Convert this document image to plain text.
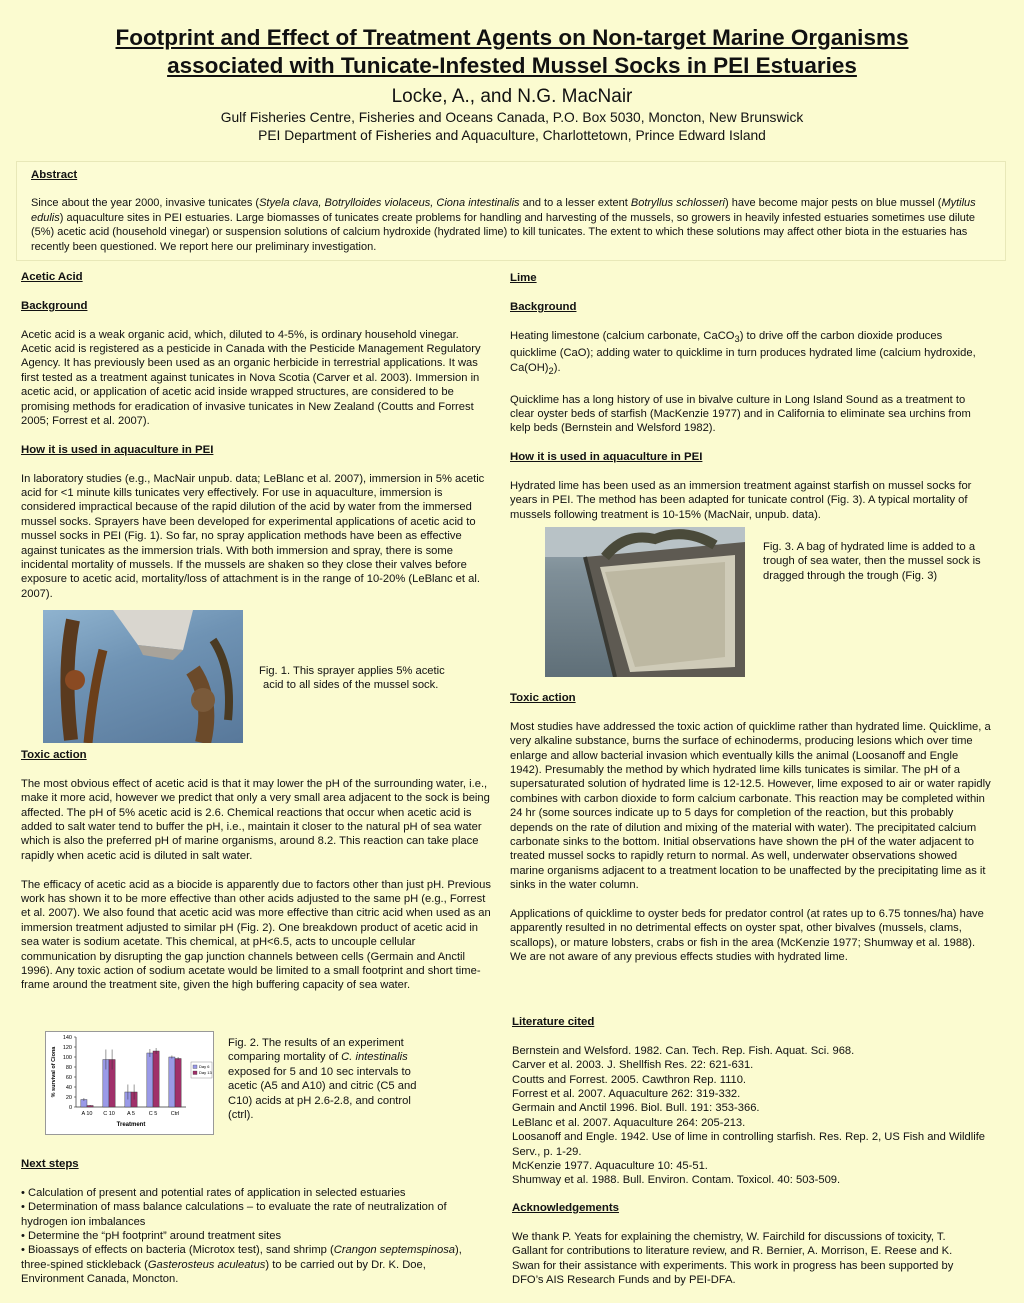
Footprint and Effect of Treatment Agents on Non-target Marine Organisms
associated with Tunicate-Infested Mussel Socks in PEI Estuaries
Locke, A., and N.G. MacNair
Gulf Fisheries Centre, Fisheries and Oceans Canada, P.O. Box 5030, Moncton, New Brunswick
PEI Department of Fisheries and Aquaculture, Charlottetown, Prince Edward Island
Abstract
Since about the year 2000, invasive tunicates (Styela clava, Botrylloides violaceus, Ciona intestinalis and to a lesser extent Botryllus schlosseri) have become major pests on blue mussel (Mytilus edulis) aquaculture sites in PEI estuaries. Large biomasses of tunicates create problems for handling and harvesting of the mussels, so growers in heavily infested estuaries sometimes use dilute (5%) acetic acid (household vinegar) or suspension solutions of calcium hydroxide (hydrated lime) to kill tunicates. The extent to which these solutions may affect other biota in the estuaries has recently been questioned. We report here our preliminary investigation.
Acetic Acid
Background

Acetic acid is a weak organic acid, which, diluted to 4-5%, is ordinary household vinegar. Acetic acid is registered as a pesticide in Canada with the Pesticide Management Regulatory Agency. It has previously been used as an organic herbicide in terrestrial applications. It was first tested as a treatment against tunicates in Nova Scotia (Carver et al. 2003). Immersion in acetic acid, or application of acetic acid inside wrapped structures, are considered to be promising methods for eradication of invasive tunicates in New Zealand (Coutts and Forrest 2005; Forrest et al. 2007).

How it is used in aquaculture in PEI

In laboratory studies (e.g., MacNair unpub. data; LeBlanc et al. 2007), immersion in 5% acetic acid for <1 minute kills tunicates very effectively. For use in aquaculture, immersion is considered impractical because of the rapid dilution of the acid by water from the immersed mussel socks. Sprayers have been developed for experimental applications of acetic acid to mussel socks in PEI (Fig. 1). So far, no spray application methods have been as effective against tunicates as the immersion trials. With both immersion and spray, there is some incidental mortality of mussels. If the mussels are shaken so they close their valves before exposure to acetic acid, mortality/loss of attachment is in the range of 10-20% (LeBlanc et al. 2007).

Fig. 1. This sprayer applies 5% acetic
acid to all sides of the mussel sock.
Toxic action

The most obvious effect of acetic acid is that it may lower the pH of the surrounding water, i.e., make it more acid, however we predict that only a very small area adjacent to the sock is being affected. The pH of 5% acetic acid is 2.6. Chemical reactions that occur when acetic acid is added to salt water tend to buffer the pH, i.e., maintain it closer to the natural pH of sea water which is also the preferred pH of marine organisms, around 8.2. This reaction can take place rapidly when acetic acid is diluted in salt water.

The efficacy of acetic acid as a biocide is apparently due to factors other than just pH. Previous work has shown it to be more effective than other acids adjusted to the same pH (e.g., Forrest et al. 2007). We also found that acetic acid was more effective than citric acid when used as an immersion treatment adjusted to similar pH (Fig. 2). One breakdown product of acetic acid in sea water is sodium acetate. This chemical, at pH<6.5, acts to uncouple cellular communication by disrupting the gap junction channels between cells (Germain and Anctil 1996). Any toxic action of sodium acetate would be limited to a small footprint and short time-frame around the treatment site, given the high buffering capacity of sea water.

0
20
40
60
80
100
120
140
A 10 C 10 A 5 C 5 Ctrl
Treatment
% survival of Ciona	Day 6
Day 13
Fig. 2. The results of an experiment comparing mortality of C. intestinalis exposed for 5 and 10 sec intervals to acetic (A5 and A10) and citric (C5 and C10) acids at pH 2.6-2.8, and control (ctrl).
Next steps
• Calculation of present and potential rates of application in selected estuaries
• Determination of mass balance calculations – to evaluate the rate of neutralization of hydrogen ion imbalances
• Determine the “pH footprint” around treatment sites
• Bioassays of effects on bacteria (Microtox test), sand shrimp (Crangon septemspinosa), three-spined stickleback (Gasterosteus aculeatus) to be carried out by Dr. K. Doe, Environment Canada, Moncton.
Lime
Background

Heating limestone (calcium carbonate, CaCO$_3$) to drive off the carbon dioxide produces quicklime (CaO); adding water to quicklime in turn produces hydrated lime (calcium hydroxide, $Ca(OH)_2$).

Quicklime has a long history of use in bivalve culture in Long Island Sound as a treatment to clear oyster beds of starfish (MacKenzie 1977) and in California to eliminate sea urchins from kelp beds (Bernstein and Welsford 1982).

How it is used in aquaculture in PEI

Hydrated lime has been used as an immersion treatment against starfish on mussel socks for years in PEI. The method has been adapted for tunicate control (Fig. 3). A typical mortality of mussels following treatment is 10-15% (MacNair, unpub. data).

Fig. 3. A bag of hydrated lime is added to a trough of sea water, then the mussel sock is dragged through the trough (Fig. 3)
Toxic action

Most studies have addressed the toxic action of quicklime rather than hydrated lime. Quicklime, a very alkaline substance, burns the surface of echinoderms, producing lesions which over time enlarge and allow bacterial invasion which eventually kills the animal (Loosanoff and Engle 1942). Presumably the method by which hydrated lime kills tunicates is similar. The pH of a supersaturated solution of hydrated lime is 12-12.5. However, lime exposed to air or water rapidly combines with carbon dioxide to form calcium carbonate. This reaction may be completed within 24 hr (some sources indicate up to 5 days for completion of the reaction, but this probably depends on the rate of dilution and mixing of the material with water). The precipitated calcium carbonate sinks to the bottom. Initial observations have shown the pH of the water adjacent to treated mussel socks to rapidly return to normal. As well, underwater observations showed marine organisms adjacent to a treatment location to be unaffected by the precipitating lime as it sinks in the water column.

Applications of quicklime to oyster beds for predator control (at rates up to 6.75 tonnes/ha) have apparently resulted in no detrimental effects on oyster spat, other bivalves (mussels, clams, scallops), or mature lobsters, crabs or fish in the area (McKenzie 1977; Shumway et al. 1988). We are not aware of any previous effects studies with hydrated lime.

Literature cited

Bernstein and Welsford. 1982. Can. Tech. Rep. Fish. Aquat. Sci. 968.

Carver et al. 2003. J. Shellfish Res. 22: 621-631.

Coutts and Forrest. 2005. Cawthron Rep. 1110.

Forrest et al. 2007. Aquaculture 262: 319-332.

Germain and Anctil 1996. Biol. Bull. 191: 353-366.

LeBlanc et al. 2007. Aquaculture 264: 205-213.

Loosanoff and Engle. 1942. Use of lime in controlling starfish. Res. Rep. 2, US Fish and Wildlife Serv., p. 1-29.

McKenzie 1977. Aquaculture 10: 45-51.

Shumway et al. 1988. Bull. Environ. Contam. Toxicol. 40: 503-509.

Acknowledgements

We thank P. Yeats for explaining the chemistry, W. Fairchild for discussions of toxicity, T. Gallant for contributions to literature review, and R. Bernier, A. Morrison, E. Reese and K. Swan for their assistance with experiments. This work in progress has been supported by DFO’s AIS Research Funds and by PEI-DFA.
